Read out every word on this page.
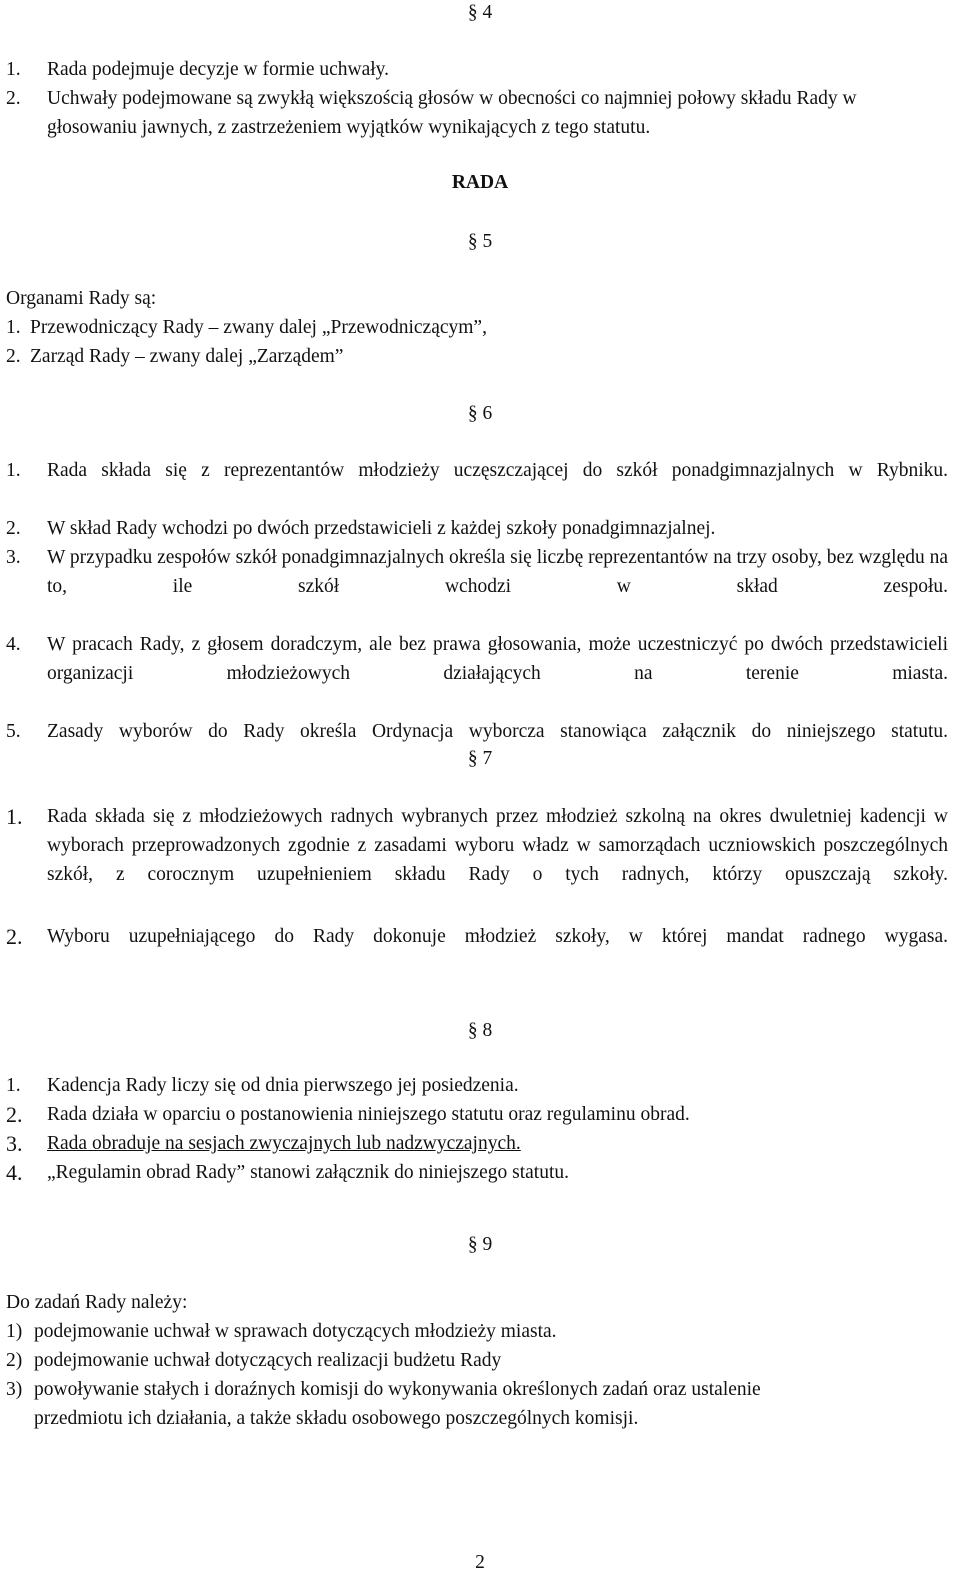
§ 4
1.	Rada podejmuje decyzje w formie uchwały.
2.	Uchwały podejmowane są zwykłą większością głosów w obecności co najmniej połowy składu Rady w głosowaniu jawnych, z zastrzeżeniem wyjątków wynikających z tego statutu.
RADA
§ 5
Organami Rady są:
1. Przewodniczący Rady – zwany dalej „Przewodniczącym”,
2. Zarząd Rady – zwany dalej „Zarządem”
§ 6
1.	Rada składa się z reprezentantów młodzieży uczęszczającej do szkół ponadgimnazjalnych w Rybniku.
2.	W skład Rady wchodzi po dwóch przedstawicieli z każdej szkoły ponadgimnazjalnej.
3.	W przypadku zespołów szkół ponadgimnazjalnych określa się liczbę reprezentantów na trzy osoby, bez względu na to, ile szkół wchodzi w skład zespołu.
4.	W pracach Rady, z głosem doradczym, ale bez prawa głosowania, może uczestniczyć po dwóch przedstawicieli organizacji młodzieżowych działających na terenie miasta.
5.	Zasady wyborów do Rady określa Ordynacja wyborcza stanowiąca załącznik do niniejszego statutu.
§ 7
1.	Rada składa się z młodzieżowych radnych wybranych przez młodzież szkolną na okres dwuletniej kadencji w wyborach przeprowadzonych zgodnie z zasadami wyboru władz w samorządach uczniowskich poszczególnych szkół, z corocznym uzupełnieniem składu Rady o tych radnych, którzy opuszczają szkoły.
2.	Wyboru uzupełniającego do Rady dokonuje młodzież szkoły, w której mandat radnego wygasa.
§ 8
1.	Kadencja Rady liczy się od dnia pierwszego jej posiedzenia.
2.	Rada działa w oparciu o postanowienia niniejszego statutu oraz regulaminu obrad.
3.	Rada obraduje na sesjach zwyczajnych lub nadzwyczajnych.
4.	„Regulamin obrad Rady” stanowi załącznik do niniejszego statutu.
§ 9
Do zadań Rady należy:
1) podejmowanie uchwał w sprawach dotyczących młodzieży miasta.
2) podejmowanie uchwał dotyczących realizacji budżetu Rady
3) powoływanie stałych i doraźnych komisji do wykonywania określonych zadań oraz ustalenie przedmiotu ich działania, a także składu osobowego poszczególnych komisji.
2
